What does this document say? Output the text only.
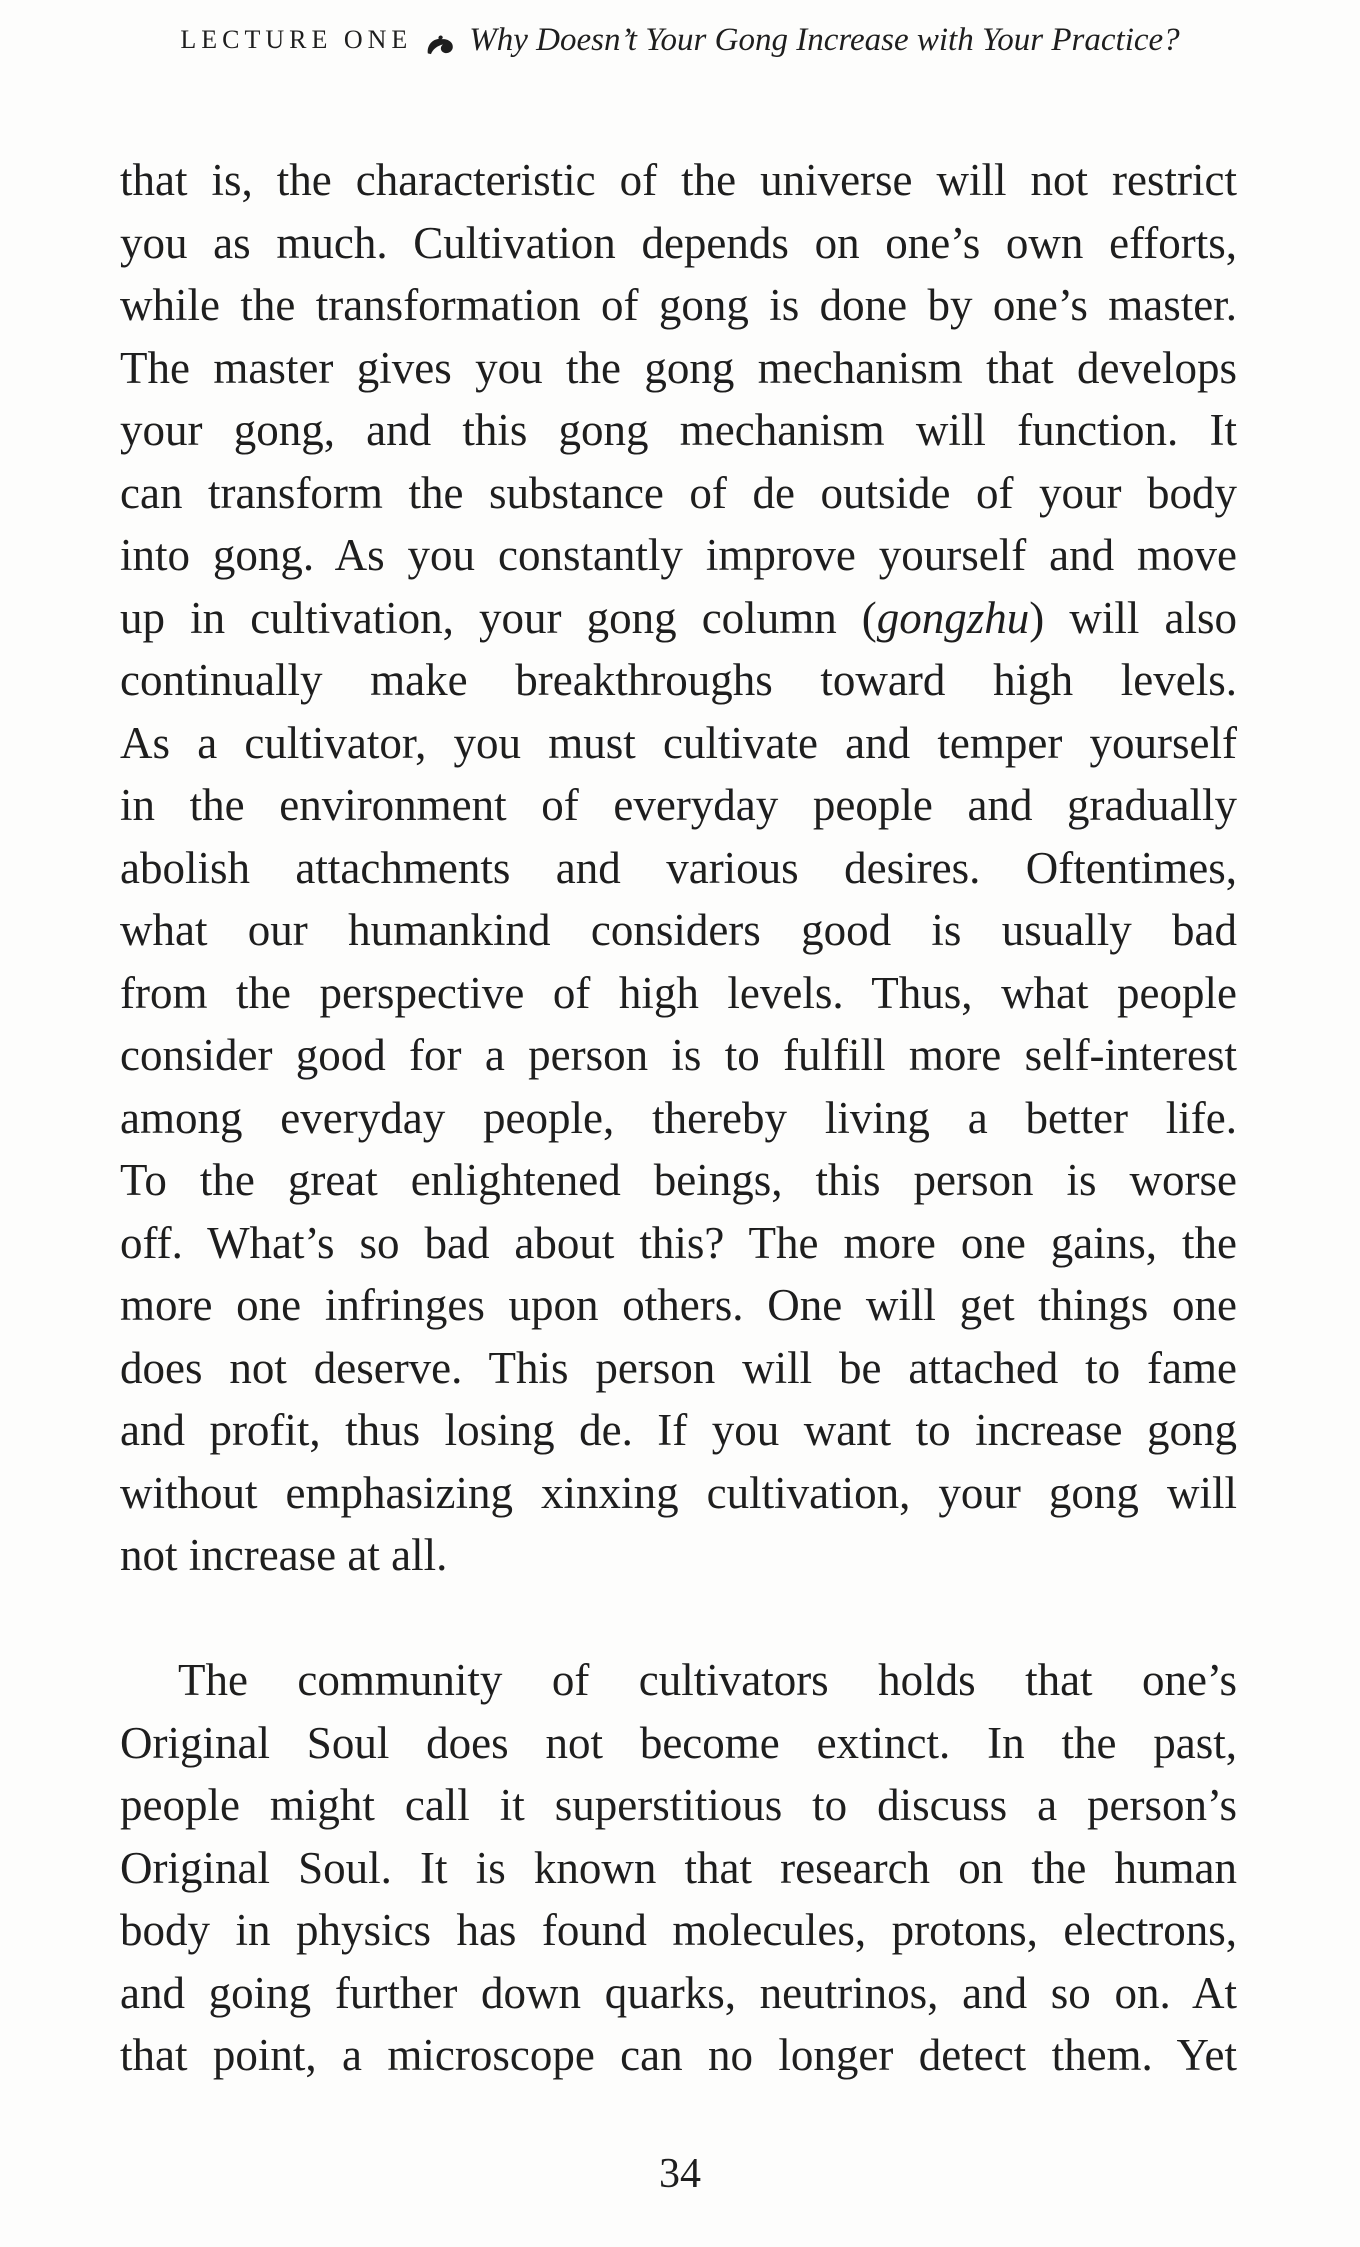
LECTURE ONE Why Doesn’t Your Gong Increase with Your Practice?
that is, the characteristic of the universe will not restrict
you as much. Cultivation depends on one’s own efforts,
while the transformation of gong is done by one’s master.
The master gives you the gong mechanism that develops
your gong, and this gong mechanism will function. It
can transform the substance of de outside of your body
into gong. As you constantly improve yourself and move
up in cultivation, your gong column (gongzhu) will also
continually make breakthroughs toward high levels.
As a cultivator, you must cultivate and temper yourself
in the environment of everyday people and gradually
abolish attachments and various desires. Oftentimes,
what our humankind considers good is usually bad
from the perspective of high levels. Thus, what people
consider good for a person is to fulfill more self-interest
among everyday people, thereby living a better life.
To the great enlightened beings, this person is worse
off. What’s so bad about this? The more one gains, the
more one infringes upon others. One will get things one
does not deserve. This person will be attached to fame
and profit, thus losing de. If you want to increase gong
without emphasizing xinxing cultivation, your gong will
not increase at all.
The community of cultivators holds that one’s
Original Soul does not become extinct. In the past,
people might call it superstitious to discuss a person’s
Original Soul. It is known that research on the human
body in physics has found molecules, protons, electrons,
and going further down quarks, neutrinos, and so on. At
that point, a microscope can no longer detect them. Yet
34
